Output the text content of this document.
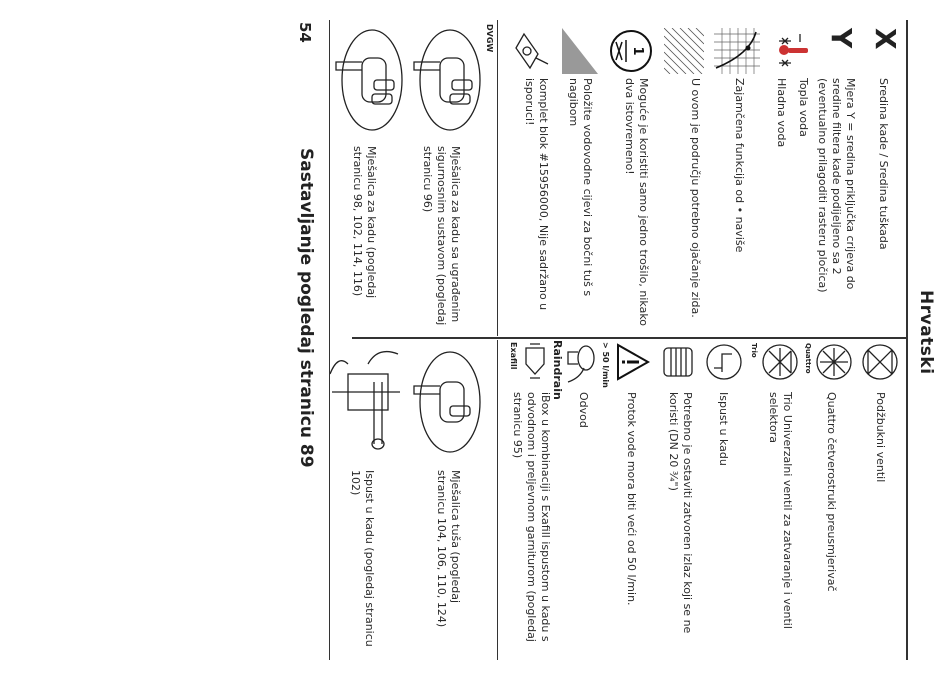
Hrvatski
X
Sredina kade / Sredina tuškada
Y
Mjera Y = sredina priključka crijeva do sredine filtera kade podijeljeno sa 2 (eventualno prilagoditi rasteru pločica)
Topla voda
Hladna voda
Zajamčena funkcija od • naviše
U ovom je području potrebno ojačanje zida.
1
Moguće je koristiti samo jedno trošilo, nikako dva istovremeno!
Položite vodovodne cijevi za bočni tuš s nagibom
komplet blok #15956000, Nije sadržano u isporuci!
DVGW
Mješalica za kadu sa ugrađenim sigurnosnim sustavom (pogledaj stranicu 96)
Mješalica za kadu (pogledaj stranicu 98, 102, 114, 116)
Podžbukni ventil
Quattro
Quattro četverostruki preusmjerivač
Trio
Trio Univerzalni ventil za zatvaranje i ventil selektora
Ispust u kadu
Potrebno je ostaviti zatvoren izlaz koji se ne koristi (DN 20 ¾")
> 50 l/min
Protok vode mora biti veći od 50 l/min.
Raindrain
Odvod
Exafill
iBox u kombinaciji s Exafill ispustom u kadu s odvodnom i preljevnom garniturom (pogledaj stranicu 95)
Mješalica tuša (pogledaj stranicu 104, 106, 110, 124)
Ispust u kadu (pogledaj stranicu 102)
54
Sastavljanje pogledaj stranicu 89
